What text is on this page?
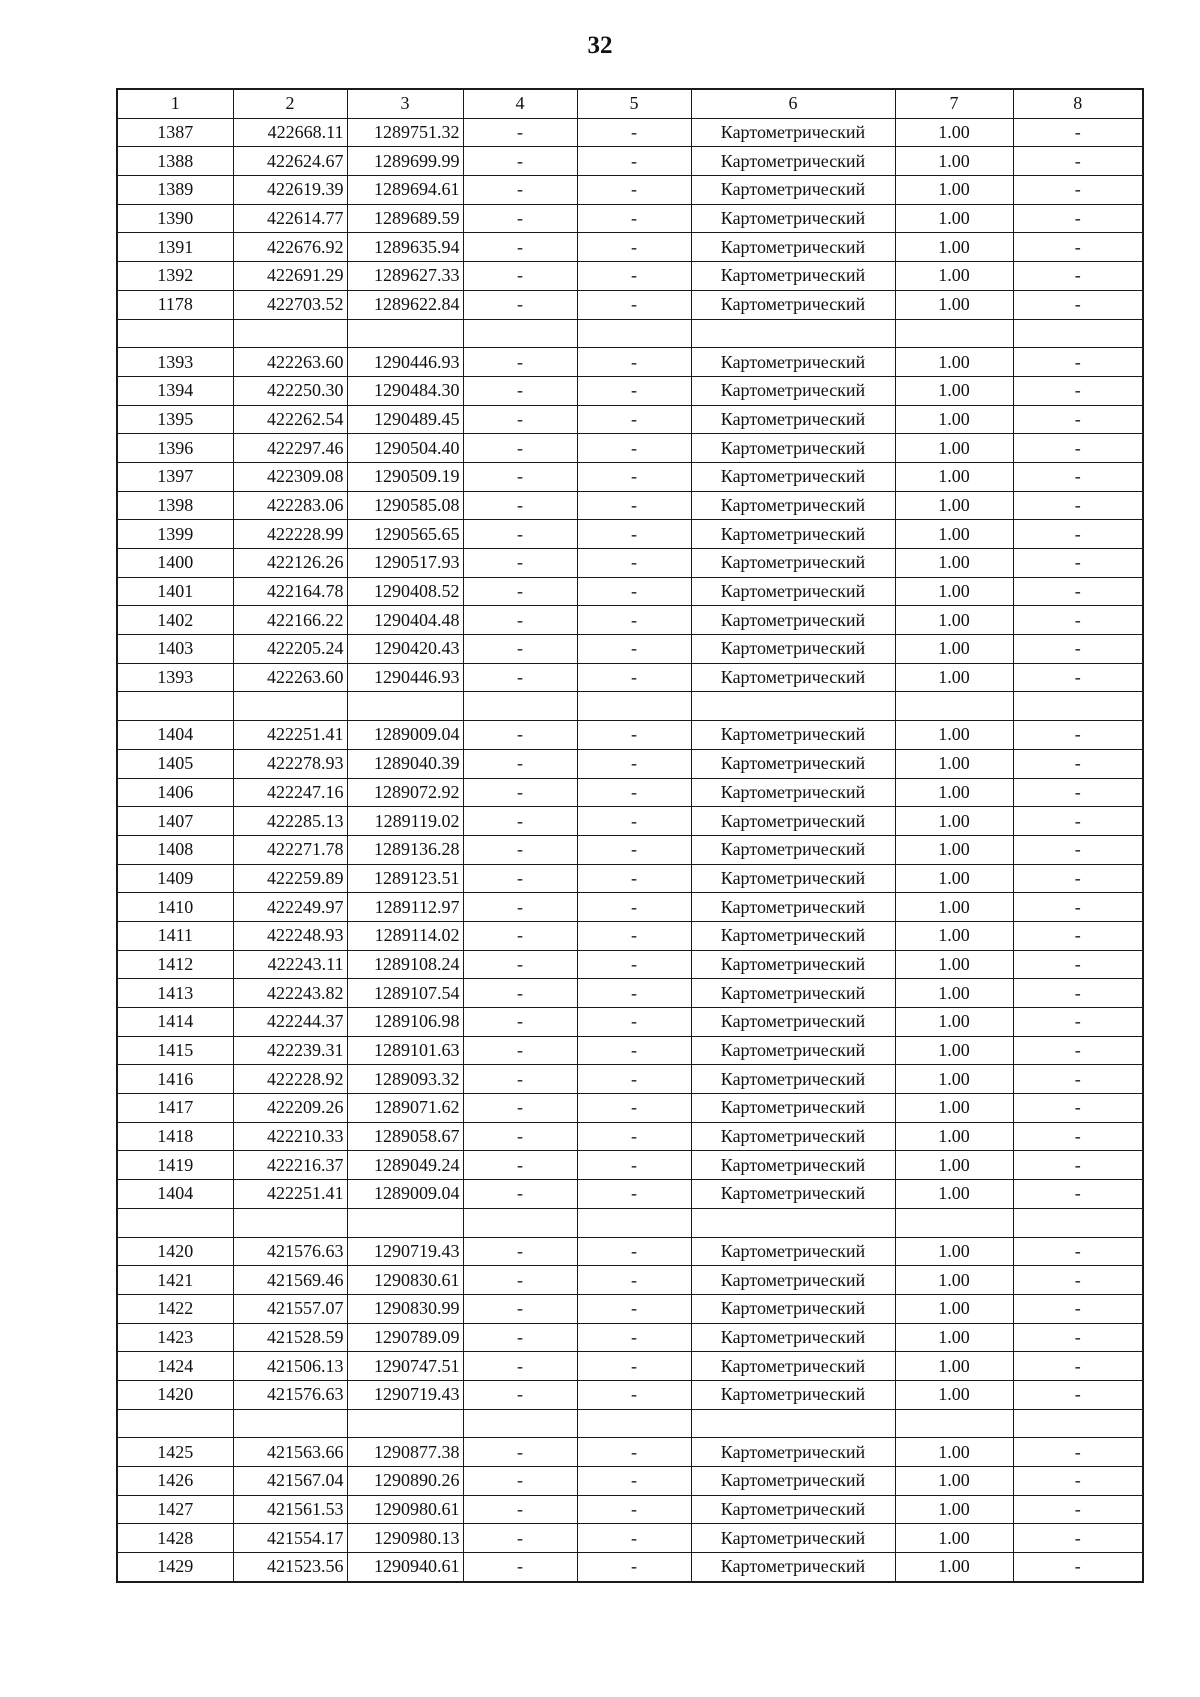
32
1	2	3	4	5	6	7	8
1387	422668.11	1289751.32	-	-	Картометрический	1.00	-
1388	422624.67	1289699.99	-	-	Картометрический	1.00	-
1389	422619.39	1289694.61	-	-	Картометрический	1.00	-
1390	422614.77	1289689.59	-	-	Картометрический	1.00	-
1391	422676.92	1289635.94	-	-	Картометрический	1.00	-
1392	422691.29	1289627.33	-	-	Картометрический	1.00	-
1178	422703.52	1289622.84	-	-	Картометрический	1.00	-

1393	422263.60	1290446.93	-	-	Картометрический	1.00	-
1394	422250.30	1290484.30	-	-	Картометрический	1.00	-
1395	422262.54	1290489.45	-	-	Картометрический	1.00	-
1396	422297.46	1290504.40	-	-	Картометрический	1.00	-
1397	422309.08	1290509.19	-	-	Картометрический	1.00	-
1398	422283.06	1290585.08	-	-	Картометрический	1.00	-
1399	422228.99	1290565.65	-	-	Картометрический	1.00	-
1400	422126.26	1290517.93	-	-	Картометрический	1.00	-
1401	422164.78	1290408.52	-	-	Картометрический	1.00	-
1402	422166.22	1290404.48	-	-	Картометрический	1.00	-
1403	422205.24	1290420.43	-	-	Картометрический	1.00	-
1393	422263.60	1290446.93	-	-	Картометрический	1.00	-

1404	422251.41	1289009.04	-	-	Картометрический	1.00	-
1405	422278.93	1289040.39	-	-	Картометрический	1.00	-
1406	422247.16	1289072.92	-	-	Картометрический	1.00	-
1407	422285.13	1289119.02	-	-	Картометрический	1.00	-
1408	422271.78	1289136.28	-	-	Картометрический	1.00	-
1409	422259.89	1289123.51	-	-	Картометрический	1.00	-
1410	422249.97	1289112.97	-	-	Картометрический	1.00	-
1411	422248.93	1289114.02	-	-	Картометрический	1.00	-
1412	422243.11	1289108.24	-	-	Картометрический	1.00	-
1413	422243.82	1289107.54	-	-	Картометрический	1.00	-
1414	422244.37	1289106.98	-	-	Картометрический	1.00	-
1415	422239.31	1289101.63	-	-	Картометрический	1.00	-
1416	422228.92	1289093.32	-	-	Картометрический	1.00	-
1417	422209.26	1289071.62	-	-	Картометрический	1.00	-
1418	422210.33	1289058.67	-	-	Картометрический	1.00	-
1419	422216.37	1289049.24	-	-	Картометрический	1.00	-
1404	422251.41	1289009.04	-	-	Картометрический	1.00	-

1420	421576.63	1290719.43	-	-	Картометрический	1.00	-
1421	421569.46	1290830.61	-	-	Картометрический	1.00	-
1422	421557.07	1290830.99	-	-	Картометрический	1.00	-
1423	421528.59	1290789.09	-	-	Картометрический	1.00	-
1424	421506.13	1290747.51	-	-	Картометрический	1.00	-
1420	421576.63	1290719.43	-	-	Картометрический	1.00	-

1425	421563.66	1290877.38	-	-	Картометрический	1.00	-
1426	421567.04	1290890.26	-	-	Картометрический	1.00	-
1427	421561.53	1290980.61	-	-	Картометрический	1.00	-
1428	421554.17	1290980.13	-	-	Картометрический	1.00	-
1429	421523.56	1290940.61	-	-	Картометрический	1.00	-
